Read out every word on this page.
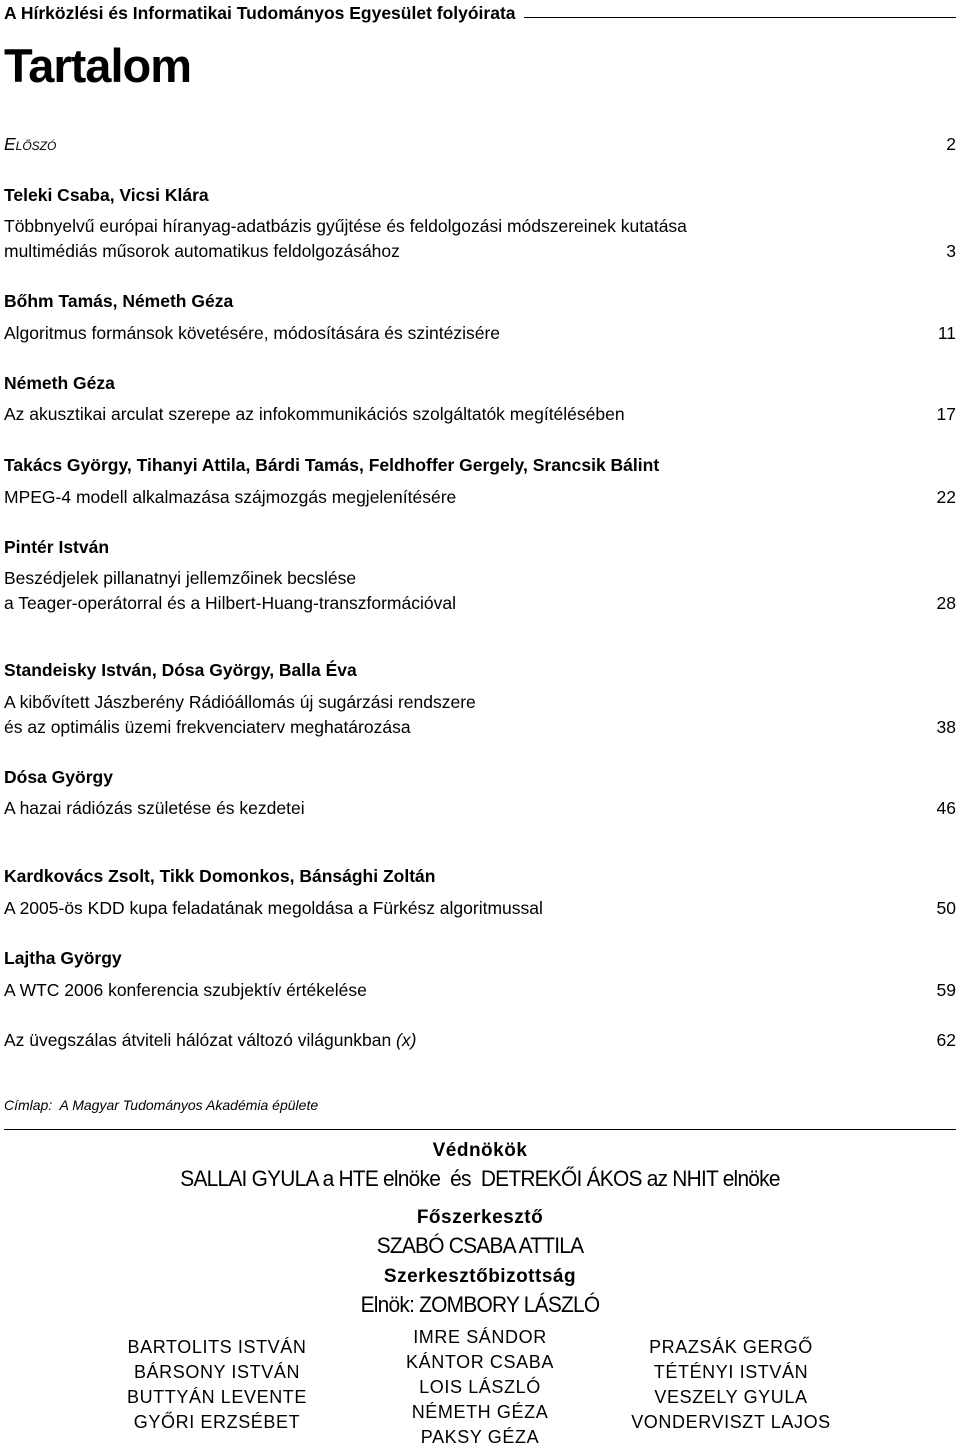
A Hírközlési és Informatikai Tudományos Egyesület folyóirata
Tartalom
Előszó	2
Teleki Csaba, Vicsi Klára
Többnyelvű európai híranyag-adatbázis gyűjtése és feldolgozási módszereinek kutatása
multimédiás műsorok automatikus feldolgozásához	3
Bőhm Tamás, Németh Géza
Algoritmus formánsok követésére, módosítására és szintézisére	11
Németh Géza
Az akusztikai arculat szerepe az infokommunikációs szolgáltatók megítélésében	17
Takács György, Tihanyi Attila, Bárdi Tamás, Feldhoffer Gergely, Srancsik Bálint
MPEG-4 modell alkalmazása szájmozgás megjelenítésére	22
Pintér István
Beszédjelek pillanatnyi jellemzőinek becslése
a Teager-operátorral és a Hilbert-Huang-transzformációval	28
Standeisky István, Dósa György, Balla Éva
A kibővített Jászberény Rádióállomás új sugárzási rendszere
és az optimális üzemi frekvenciaterv meghatározása	38
Dósa György
A hazai rádiózás születése és kezdetei	46
Kardkovács Zsolt, Tikk Domonkos, Bánsághi Zoltán
A 2005-ös KDD kupa feladatának megoldása a Fürkész algoritmussal	50
Lajtha György
A WTC 2006 konferencia szubjektív értékelése	59
Az üvegszálas átviteli hálózat változó világunkban (x)	62
Címlap: A Magyar Tudományos Akadémia épülete
Védnökök
SALLAI GYULA a HTE elnöke  és  DETREKŐI ÁKOS az NHIT elnöke
Főszerkesztő
SZABÓ CSABA ATTILA
Szerkesztőbizottság
Elnök: ZOMBORY LÁSZLÓ
BARTOLITS ISTVÁN
BÁRSONY ISTVÁN
BUTTYÁN LEVENTE
GYŐRI ERZSÉBET
IMRE SÁNDOR
KÁNTOR CSABA
LOIS LÁSZLÓ
NÉMETH GÉZA
PAKSY GÉZA
PRAZSÁK GERGŐ
TÉTÉNYI ISTVÁN
VESZELY GYULA
VONDERVISZT LAJOS
